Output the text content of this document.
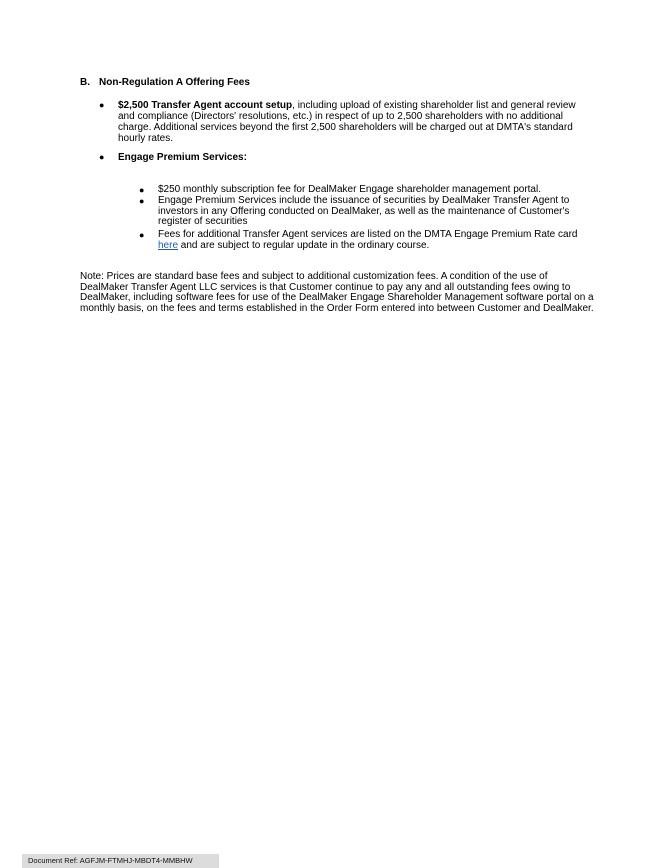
B. Non-Regulation A Offering Fees
● $2,500 Transfer Agent account setup, including upload of existing shareholder list and general review and compliance (Directors' resolutions, etc.) in respect of up to 2,500 shareholders with no additional charge. Additional services beyond the first 2,500 shareholders will be charged out at DMTA's standard hourly rates.
● Engage Premium Services:
● $250 monthly subscription fee for DealMaker Engage shareholder management portal.
● Engage Premium Services include the issuance of securities by DealMaker Transfer Agent to investors in any Offering conducted on DealMaker, as well as the maintenance of Customer's register of securities
● Fees for additional Transfer Agent services are listed on the DMTA Engage Premium Rate card here and are subject to regular update in the ordinary course.
Note: Prices are standard base fees and subject to additional customization fees. A condition of the use of DealMaker Transfer Agent LLC services is that Customer continue to pay any and all outstanding fees owing to DealMaker, including software fees for use of the DealMaker Engage Shareholder Management software portal on a monthly basis, on the fees and terms established in the Order Form entered into between Customer and DealMaker.
Document Ref: AGFJM-FTMHJ-MBDT4-MMBHW
